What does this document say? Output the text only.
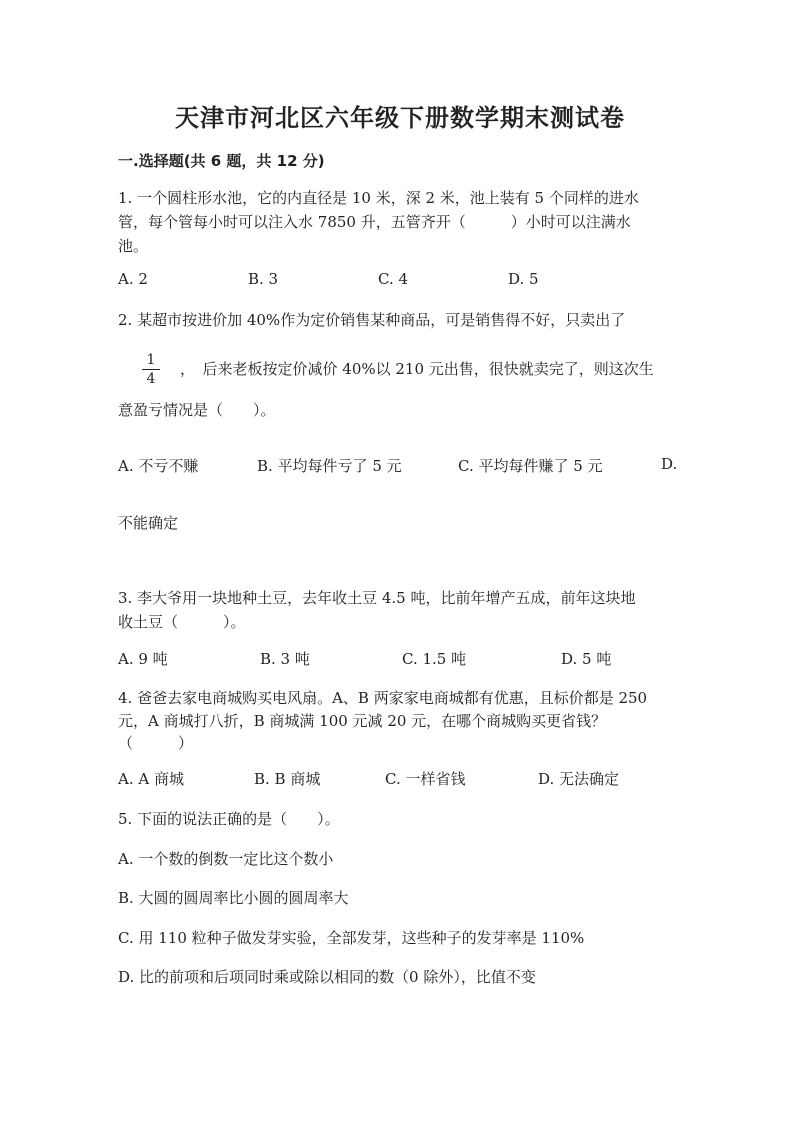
天津市河北区六年级下册数学期末测试卷
一.选择题(共 6 题，共 12 分)
1. 一个圆柱形水池，它的内直径是 10 米，深 2 米，池上装有 5 个同样的进水
管，每个管每小时可以注入水 7850 升，五管齐开（　　　）小时可以注满水
池。
A. 2	B. 3	C. 4	D. 5
2. 某超市按进价加 40%作为定价销售某种商品，可是销售得不好，只卖出了
1
4
，　后来老板按定价减价 40%以 210 元出售，很快就卖完了，则这次生
意盈亏情况是（　　）。
A. 不亏不赚	B. 平均每件亏了 5 元	C. 平均每件赚了 5 元	D.
不能确定
3. 李大爷用一块地种土豆，去年收土豆 4.5 吨，比前年增产五成，前年这块地
收土豆（　　　）。
A. 9 吨	B. 3 吨	C. 1.5 吨	D. 5 吨
4. 爸爸去家电商城购买电风扇。A、B 两家家电商城都有优惠，且标价都是 250
元，A 商城打八折，B 商城满 100 元减 20 元，在哪个商城购买更省钱？
（　　　）
A. A 商城	B. B 商城	C. 一样省钱	D. 无法确定
5. 下面的说法正确的是（　　）。
A. 一个数的倒数一定比这个数小
B. 大圆的圆周率比小圆的圆周率大
C. 用 110 粒种子做发芽实验，全部发芽，这些种子的发芽率是 110%
D. 比的前项和后项同时乘或除以相同的数（0 除外），比值不变
